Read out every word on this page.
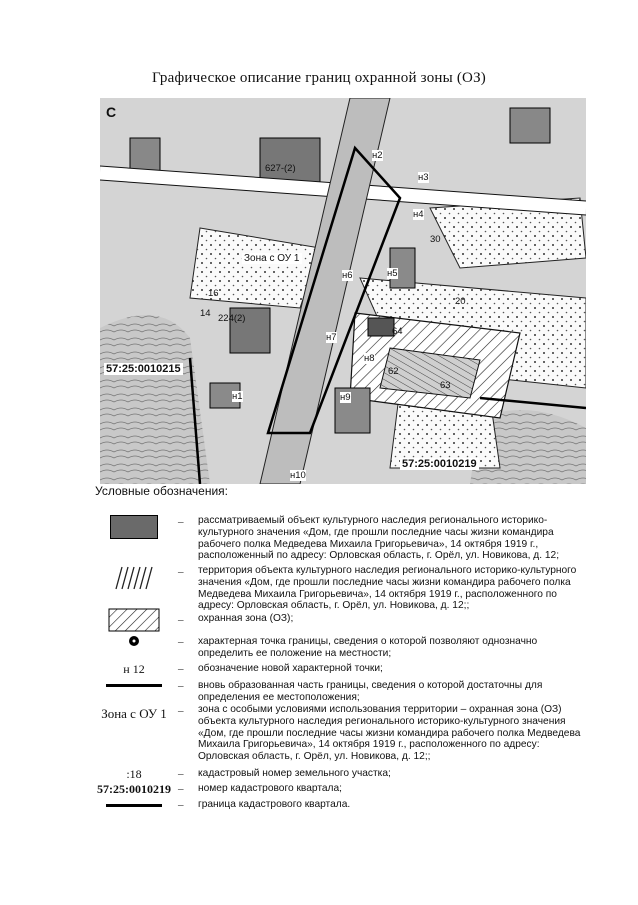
Графическое описание границ охранной зоны (ОЗ)
С
Зона с ОУ 1
57:25:0010215
57:25:0010219
627-(2)
224(2)
20
63
62
64
30
14
16
н1
н2
н3
н4
н5
н6
н7
н8
н9
н10
Условные обозначения:
– рассматриваемый объект культурного наследия регионального историко-культурного значения «Дом, где прошли последние часы жизни командира рабочего полка Медведева Михаила Григорьевича», 14 октября 1919 г., расположенный по адресу: Орловская область, г. Орёл, ул. Новикова, д. 12;
– территория объекта культурного наследия регионального историко-культурного значения «Дом, где прошли последние часы жизни командира рабочего полка Медведева Михаила Григорьевича», 14 октября 1919 г., расположенного по адресу: Орловская область, г. Орёл, ул. Новикова, д. 12;;
– охранная зона (ОЗ);
– характерная точка границы, сведения о которой позволяют однозначно определить ее положение на местности;
н 12	– обозначение новой характерной точки;
– вновь образованная часть границы, сведения о которой достаточны для определения ее местоположения;
Зона с ОУ 1	– зона с особыми условиями использования территории – охранная зона (ОЗ) объекта культурного наследия регионального историко-культурного значения «Дом, где прошли последние часы жизни командира рабочего полка Медведева Михаила Григорьевича», 14 октября 1919 г., расположенного по адресу: Орловская область, г. Орёл, ул. Новикова, д. 12;;
:18	– кадастровый номер земельного участка;
57:25:0010219 – номер кадастрового квартала;
– граница кадастрового квартала.
